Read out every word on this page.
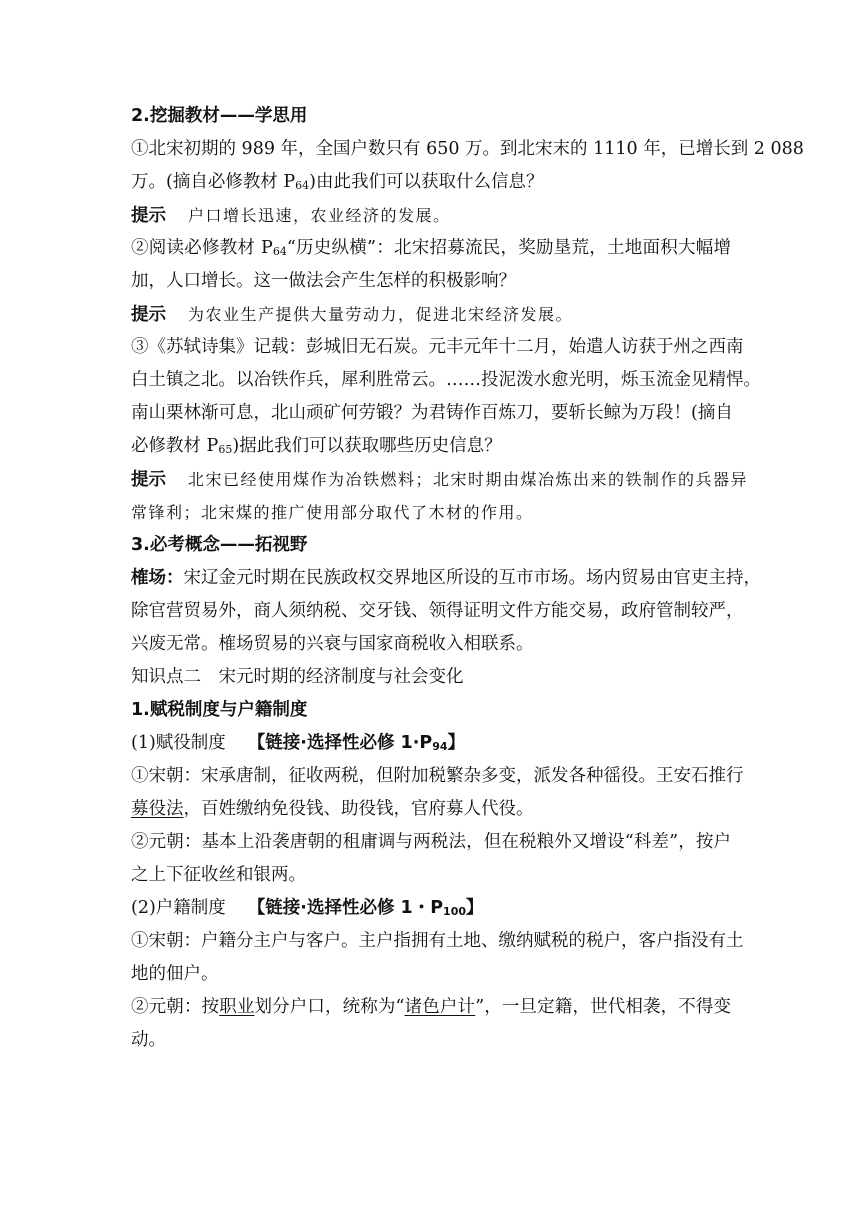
2.挖掘教材——学思用
①北宋初期的 989 年，全国户数只有 650 万。到北宋末的 1110 年，已增长到 2 088
万。(摘自必修教材 P64)由此我们可以获取什么信息？
提示 户口增长迅速，农业经济的发展。
②阅读必修教材 P64“历史纵横”：北宋招募流民，奖励垦荒，土地面积大幅增
加，人口增长。这一做法会产生怎样的积极影响？
提示 为农业生产提供大量劳动力，促进北宋经济发展。
③《苏轼诗集》记载：彭城旧无石炭。元丰元年十二月，始遣人访获于州之西南
白土镇之北。以冶铁作兵，犀利胜常云。……投泥泼水愈光明，烁玉流金见精悍。
南山栗林渐可息，北山顽矿何劳锻？为君铸作百炼刀，要斩长鲸为万段！(摘自
必修教材 P65)据此我们可以获取哪些历史信息？
提示 北宋已经使用煤作为冶铁燃料；北宋时期由煤冶炼出来的铁制作的兵器异
常锋利；北宋煤的推广使用部分取代了木材的作用。
3.必考概念——拓视野
榷场：宋辽金元时期在民族政权交界地区所设的互市市场。场内贸易由官吏主持，
除官营贸易外，商人须纳税、交牙钱、领得证明文件方能交易，政府管制较严，
兴废无常。榷场贸易的兴衰与国家商税收入相联系。
知识点二　宋元时期的经济制度与社会变化
1.赋税制度与户籍制度
(1)赋役制度 【链接·选择性必修 1·P94】
①宋朝：宋承唐制，征收两税，但附加税繁杂多变，派发各种徭役。王安石推行
募役法，百姓缴纳免役钱、助役钱，官府募人代役。
②元朝：基本上沿袭唐朝的租庸调与两税法，但在税粮外又增设“科差”，按户
之上下征收丝和银两。
(2)户籍制度 【链接·选择性必修 1・P100】
①宋朝：户籍分主户与客户。主户指拥有土地、缴纳赋税的税户，客户指没有土
地的佃户。
②元朝：按职业划分户口，统称为“诸色户计”，一旦定籍，世代相袭，不得变
动。
